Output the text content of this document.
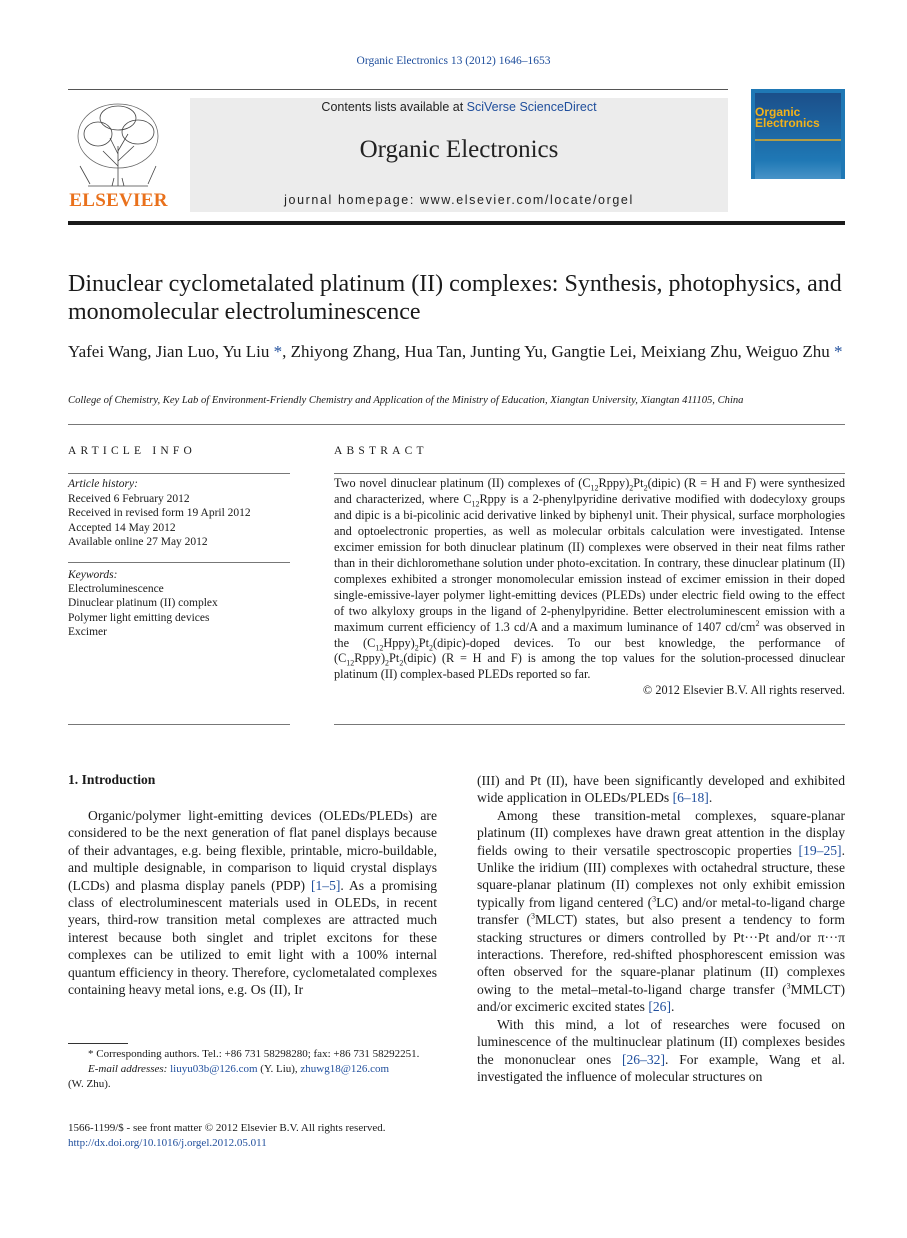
Organic Electronics 13 (2012) 1646–1653
ELSEVIER
Contents lists available at SciVerse ScienceDirect
Organic Electronics
journal homepage: www.elsevier.com/locate/orgel
Organic Electronics
Dinuclear cyclometalated platinum (II) complexes: Synthesis, photophysics, and monomolecular electroluminescence
Yafei Wang, Jian Luo, Yu Liu *, Zhiyong Zhang, Hua Tan, Junting Yu, Gangtie Lei, Meixiang Zhu, Weiguo Zhu *
College of Chemistry, Key Lab of Environment-Friendly Chemistry and Application of the Ministry of Education, Xiangtan University, Xiangtan 411105, China
ARTICLE INFO	ABSTRACT
Article history:
Received 6 February 2012
Received in revised form 19 April 2012
Accepted 14 May 2012
Available online 27 May 2012
Keywords:
Electroluminescence
Dinuclear platinum (II) complex
Polymer light emitting devices
Excimer
Two novel dinuclear platinum (II) complexes of $(C_{12}Rppy)_2Pt_2(dipic) (R = H$ and F) were synthesized and characterized, where $C_{12}Rppy$ is a 2-phenylpyridine derivative modified with dodecyloxy groups and dipic is a bi-picolinic acid derivative linked by biphenyl unit. Their physical, surface morphologies and optoelectronic properties, as well as molecular orbitals calculation were investigated. Intense excimer emission for both dinuclear platinum (II) complexes were observed in their neat films rather than in their dichloromethane solution under photo-excitation. In contrary, these dinuclear platinum (II) complexes exhibited a stronger monomolecular emission instead of excimer emission in their doped single-emissive-layer polymer light-emitting devices (PLEDs) under electric field owing to the effect of two alkyloxy groups in the ligand of 2-phenylpyridine. Better electroluminescent emission with a maximum current efficiency of 1.3 cd/A and a maximum luminance of 1407 $cd/cm^2$ was observed in the $(C_{12}Hppy)_2Pt_2(dipic)$-doped devices. To our best knowledge, the performance of $(C_{12}Rppy)_2Pt_2(dipic) (R = H$ and F) is among the top values for the solution-processed dinuclear platinum (II) complex-based PLEDs reported so far.
© 2012 Elsevier B.V. All rights reserved.
1. Introduction

Organic/polymer light-emitting devices (OLEDs/PLEDs) are considered to be the next generation of flat panel displays because of their advantages, e.g. being flexible, printable, micro-buildable, and multiple designable, in comparison to liquid crystal displays (LCDs) and plasma display panels (PDP) [1–5]. As a promising class of electroluminescent materials used in OLEDs, in recent years, third-row transition metal complexes are attracted much interest because both singlet and triplet excitons for these complexes can be utilized to emit light with a 100% internal quantum efficiency in theory. Therefore, cyclometalated complexes containing heavy metal ions, e.g. Os (II), Ir

(III) and Pt (II), have been significantly developed and exhibited wide application in OLEDs/PLEDs [6–18].

Among these transition-metal complexes, square-planar platinum (II) complexes have drawn great attention in the display fields owing to their versatile spectroscopic properties [19–25]. Unlike the iridium (III) complexes with octahedral structure, these square-planar platinum (II) complexes not only exhibit emission typically from ligand centered ($^3$LC) and/or metal-to-ligand charge transfer ($^3$MLCT) states, but also present a tendency to form stacking structures or dimers controlled by Pt···Pt and/or π···π interactions. Therefore, red-shifted phosphorescent emission was often observed for the square-planar platinum (II) complexes owing to the metal–metal-to-ligand charge transfer ($^3$MMLCT) and/or excimeric excited states [26].

With this mind, a lot of researches were focused on luminescence of the multinuclear platinum (II) complexes besides the mononuclear ones [26–32]. For example, Wang et al. investigated the influence of molecular structures on

* Corresponding authors. Tel.: +86 731 58298280; fax: +86 731 58292251.
E-mail addresses: liuyu03b@126.com (Y. Liu), zhuwg18@126.com
(W. Zhu).
1566-1199/$ - see front matter © 2012 Elsevier B.V. All rights reserved.
http://dx.doi.org/10.1016/j.orgel.2012.05.011
